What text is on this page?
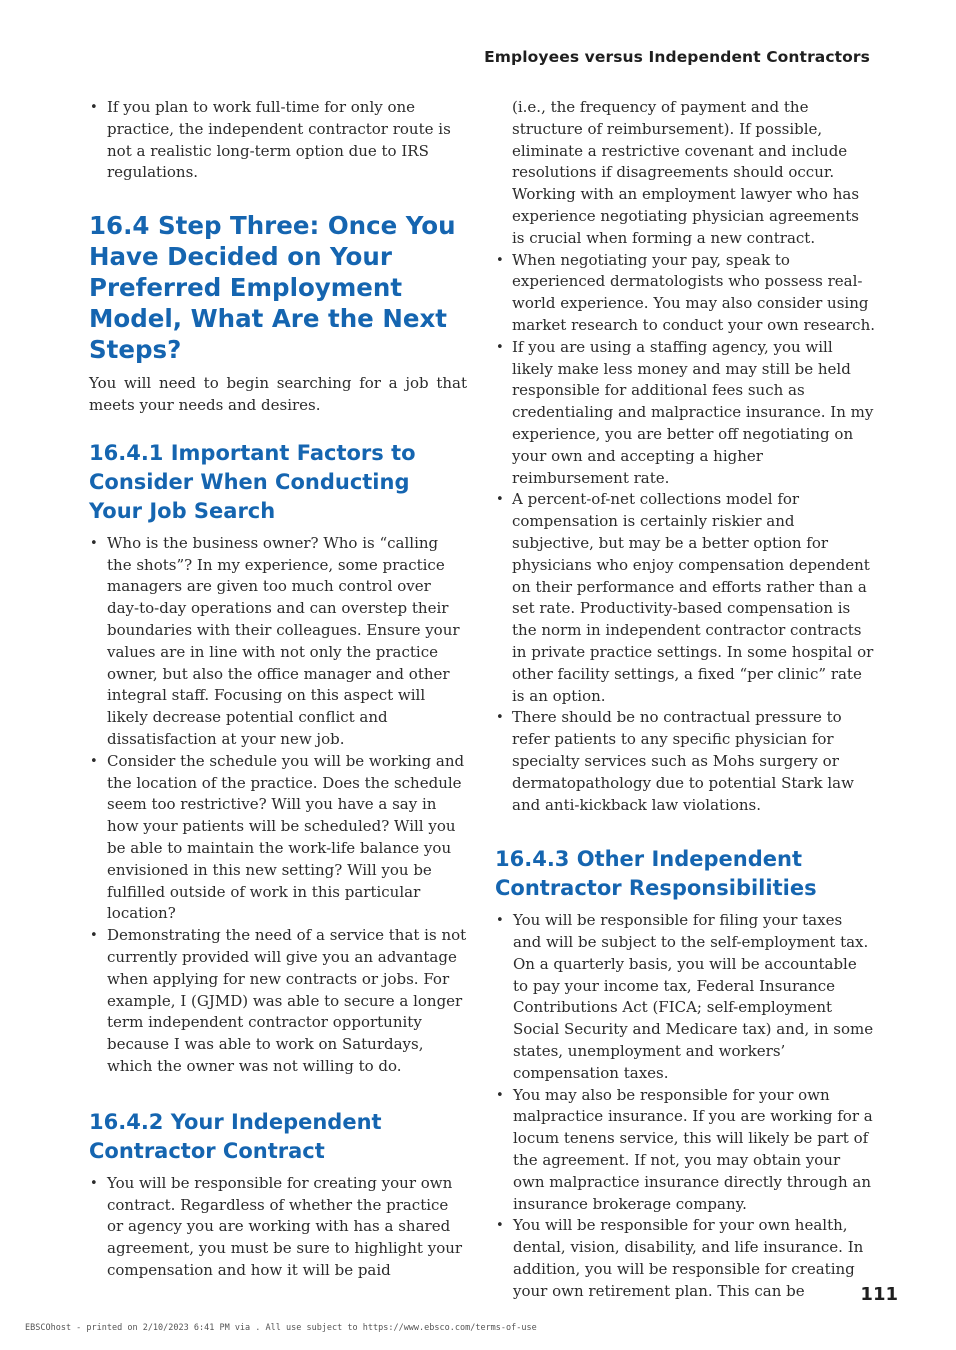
Employees versus Independent Contractors
• If you plan to work full-time for only one practice, the independent contractor route is not a realistic long-term option due to IRS regulations.
16.4 Step Three: Once You Have Decided on Your Preferred Employment Model, What Are the Next Steps?

You will need to begin searching for a job that meets your needs and desires.

16.4.1 Important Factors to Consider When Conducting Your Job Search
• Who is the business owner? Who is “calling the shots”? In my experience, some practice managers are given too much control over day-to-day operations and can overstep their boundaries with their colleagues. Ensure your values are in line with not only the practice owner, but also the office manager and other integral staff. Focusing on this aspect will likely decrease potential conflict and dissatisfaction at your new job.
• Consider the schedule you will be working and the location of the practice. Does the schedule seem too restrictive? Will you have a say in how your patients will be scheduled? Will you be able to maintain the work-life balance you envisioned in this new setting? Will you be fulfilled outside of work in this particular location?
• Demonstrating the need of a service that is not currently provided will give you an advantage when applying for new contracts or jobs. For example, I (GJMD) was able to secure a longer term independent contractor opportunity because I was able to work on Saturdays, which the owner was not willing to do.
16.4.2 Your Independent Contractor Contract
• You will be responsible for creating your own contract. Regardless of whether the practice or agency you are working with has a shared agreement, you must be sure to highlight your compensation and how it will be paid
(i.e., the frequency of payment and the structure of reimbursement). If possible, eliminate a restrictive covenant and include resolutions if disagreements should occur. Working with an employment lawyer who has experience negotiating physician agreements is crucial when forming a new contract.
• When negotiating your pay, speak to experienced dermatologists who possess real-world experience. You may also consider using market research to conduct your own research.
• If you are using a staffing agency, you will likely make less money and may still be held responsible for additional fees such as credentialing and malpractice insurance. In my experience, you are better off negotiating on your own and accepting a higher reimbursement rate.
• A percent-of-net collections model for compensation is certainly riskier and subjective, but may be a better option for physicians who enjoy compensation dependent on their performance and efforts rather than a set rate. Productivity-based compensation is the norm in independent contractor contracts in private practice settings. In some hospital or other facility settings, a fixed “per clinic” rate is an option.
• There should be no contractual pressure to refer patients to any specific physician for specialty services such as Mohs surgery or dermatopathology due to potential Stark law and anti-kickback law violations.
16.4.3 Other Independent Contractor Responsibilities
• You will be responsible for filing your taxes and will be subject to the self-employment tax. On a quarterly basis, you will be accountable to pay your income tax, Federal Insurance Contributions Act (FICA; self-employment Social Security and Medicare tax) and, in some states, unemployment and workers’ compensation taxes.
• You may also be responsible for your own malpractice insurance. If you are working for a locum tenens service, this will likely be part of the agreement. If not, you may obtain your own malpractice insurance directly through an insurance brokerage company.
• You will be responsible for your own health, dental, vision, disability, and life insurance. In addition, you will be responsible for creating your own retirement plan. This can be	111
EBSCOhost - printed on 2/10/2023 6:41 PM via . All use subject to https://www.ebsco.com/terms-of-use
